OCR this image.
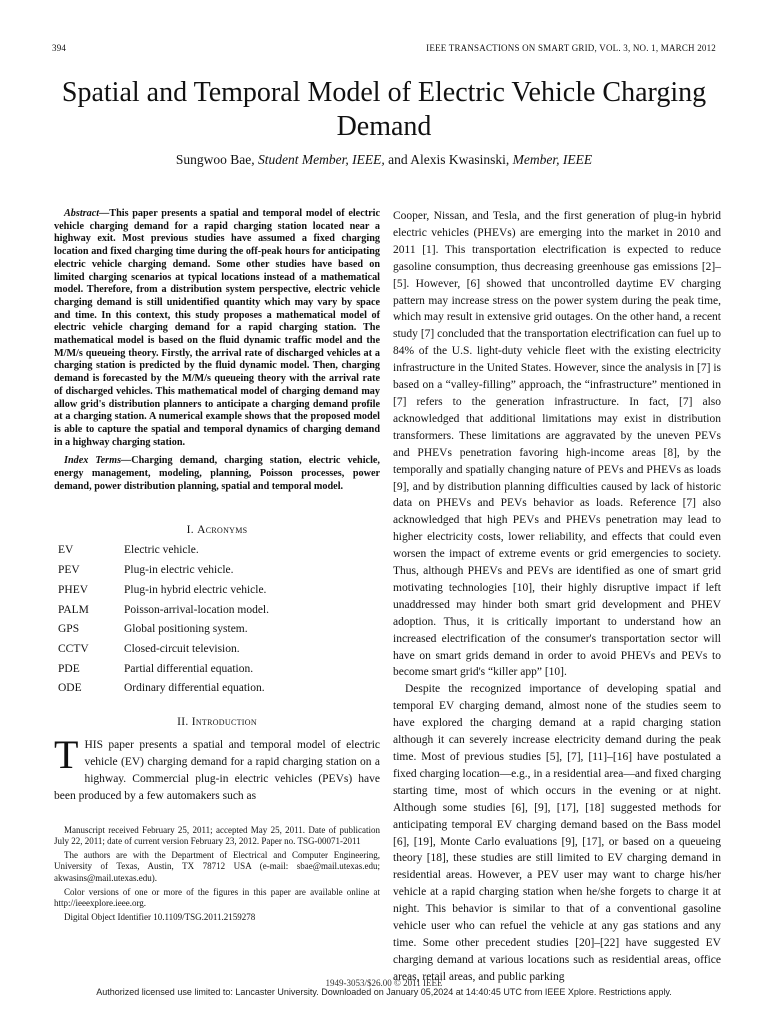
394	IEEE TRANSACTIONS ON SMART GRID, VOL. 3, NO. 1, MARCH 2012
Spatial and Temporal Model of Electric Vehicle Charging Demand
Sungwoo Bae, Student Member, IEEE, and Alexis Kwasinski, Member, IEEE

Abstract—This paper presents a spatial and temporal model of electric vehicle charging demand for a rapid charging station located near a highway exit. Most previous studies have assumed a fixed charging location and fixed charging time during the off-peak hours for anticipating electric vehicle charging demand. Some other studies have based on limited charging scenarios at typical locations instead of a mathematical model. Therefore, from a distribution system perspective, electric vehicle charging demand is still unidentified quantity which may vary by space and time. In this context, this study proposes a mathematical model of electric vehicle charging demand for a rapid charging station. The mathematical model is based on the fluid dynamic traffic model and the M/M/s queueing theory. Firstly, the arrival rate of discharged vehicles at a charging station is predicted by the fluid dynamic model. Then, charging demand is forecasted by the M/M/s queueing theory with the arrival rate of discharged vehicles. This mathematical model of charging demand may allow grid's distribution planners to anticipate a charging demand profile at a charging station. A numerical example shows that the proposed model is able to capture the spatial and temporal dynamics of charging demand in a highway charging station.

Index Terms—Charging demand, charging station, electric vehicle, energy management, modeling, planning, Poisson processes, power demand, power distribution planning, spatial and temporal model.

I. Acronyms

EV	Electric vehicle.
PEV	Plug-in electric vehicle.
PHEV	Plug-in hybrid electric vehicle.
PALM	Poisson-arrival-location model.
GPS	Global positioning system.
CCTV	Closed-circuit television.
PDE	Partial differential equation.
ODE	Ordinary differential equation.

II. Introduction

THIS paper presents a spatial and temporal model of electric vehicle (EV) charging demand for a rapid charging station on a highway. Commercial plug-in electric vehicles (PEVs) have been produced by a few automakers such as

Manuscript received February 25, 2011; accepted May 25, 2011. Date of publication July 22, 2011; date of current version February 23, 2012. Paper no. TSG-00071-2011

The authors are with the Department of Electrical and Computer Engineering, University of Texas, Austin, TX 78712 USA (e-mail: sbae@mail.utexas.edu; akwasins@mail.utexas.edu).

Color versions of one or more of the figures in this paper are available online at http://ieeexplore.ieee.org.

Digital Object Identifier 10.1109/TSG.2011.2159278

Cooper, Nissan, and Tesla, and the first generation of plug-in hybrid electric vehicles (PHEVs) are emerging into the market in 2010 and 2011 [1]. This transportation electrification is expected to reduce gasoline consumption, thus decreasing greenhouse gas emissions [2]–[5]. However, [6] showed that uncontrolled daytime EV charging pattern may increase stress on the power system during the peak time, which may result in extensive grid outages. On the other hand, a recent study [7] concluded that the transportation electrification can fuel up to 84% of the U.S. light-duty vehicle fleet with the existing electricity infrastructure in the United States. However, since the analysis in [7] is based on a “valley-filling” approach, the “infrastructure” mentioned in [7] refers to the generation infrastructure. In fact, [7] also acknowledged that additional limitations may exist in distribution transformers. These limitations are aggravated by the uneven PEVs and PHEVs penetration favoring high-income areas [8], by the temporally and spatially changing nature of PEVs and PHEVs as loads [9], and by distribution planning difficulties caused by lack of historic data on PHEVs and PEVs behavior as loads. Reference [7] also acknowledged that high PEVs and PHEVs penetration may lead to higher electricity costs, lower reliability, and effects that could even worsen the impact of extreme events or grid emergencies to society. Thus, although PHEVs and PEVs are identified as one of smart grid motivating technologies [10], their highly disruptive impact if left unaddressed may hinder both smart grid development and PHEV adoption. Thus, it is critically important to understand how an increased electrification of the consumer's transportation sector will have on smart grids demand in order to avoid PHEVs and PEVs to become smart grid's “killer app” [10].

Despite the recognized importance of developing spatial and temporal EV charging demand, almost none of the studies seem to have explored the charging demand at a rapid charging station although it can severely increase electricity demand during the peak time. Most of previous studies [5], [7], [11]–[16] have postulated a fixed charging location—e.g., in a residential area—and fixed charging starting time, most of which occurs in the evening or at night. Although some studies [6], [9], [17], [18] suggested methods for anticipating temporal EV charging demand based on the Bass model [6], [19], Monte Carlo evaluations [9], [17], or based on a queueing theory [18], these studies are still limited to EV charging demand in residential areas. However, a PEV user may want to charge his/her vehicle at a rapid charging station when he/she forgets to charge it at night. This behavior is similar to that of a conventional gasoline vehicle user who can refuel the vehicle at any gas stations and any time. Some other precedent studies [20]–[22] have suggested EV charging demand at various locations such as residential areas, office areas, retail areas, and public parking

1949-3053/$26.00 © 2011 IEEE
Authorized licensed use limited to: Lancaster University. Downloaded on January 05,2024 at 14:40:45 UTC from IEEE Xplore. Restrictions apply.
